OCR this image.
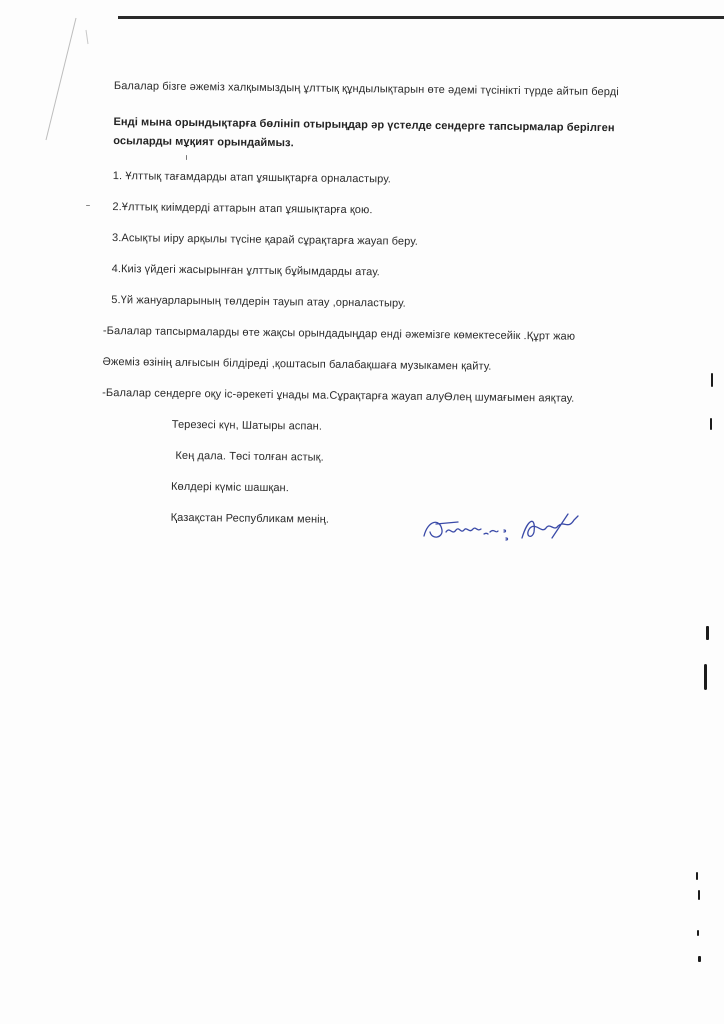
Балалар бізге әжеміз халқымыздың ұлттық құндылықтарын өте әдемі түсінікті түрде айтып берді
Енді мына орындықтарға бөлініп отырыңдар әр үстелде сендерге тапсырмалар берілген
осыларды мұқият орындаймыз.
1. Ұлттық тағамдарды атап ұяшықтарға орналастыру.
2.Ұлттық киімдерді аттарын атап ұяшықтарға қою.
3.Асықты иіру арқылы түсіне қарай сұрақтарға жауап беру.
4.Киіз үйдегі жасырынған ұлттық бұйымдарды атау.
5.Үй жануарларының төлдерін тауып атау ,орналастыру.
-Балалар тапсырмаларды өте жақсы орындадыңдар енді әжемізге көмектесейік .Құрт жаю
Әжеміз өзінің алғысын білдіреді ,қоштасып балабақшаға музыкамен қайту.
-Балалар сендерге оқу іс-әрекеті ұнады ма.Сұрақтарға жауап алуӨлең шумағымен аяқтау.
Терезесі күн, Шатыры аспан.
Кең дала. Төсі толған астық.
Көлдері күміс шашқан.
Қазақстан Республикам менің.
